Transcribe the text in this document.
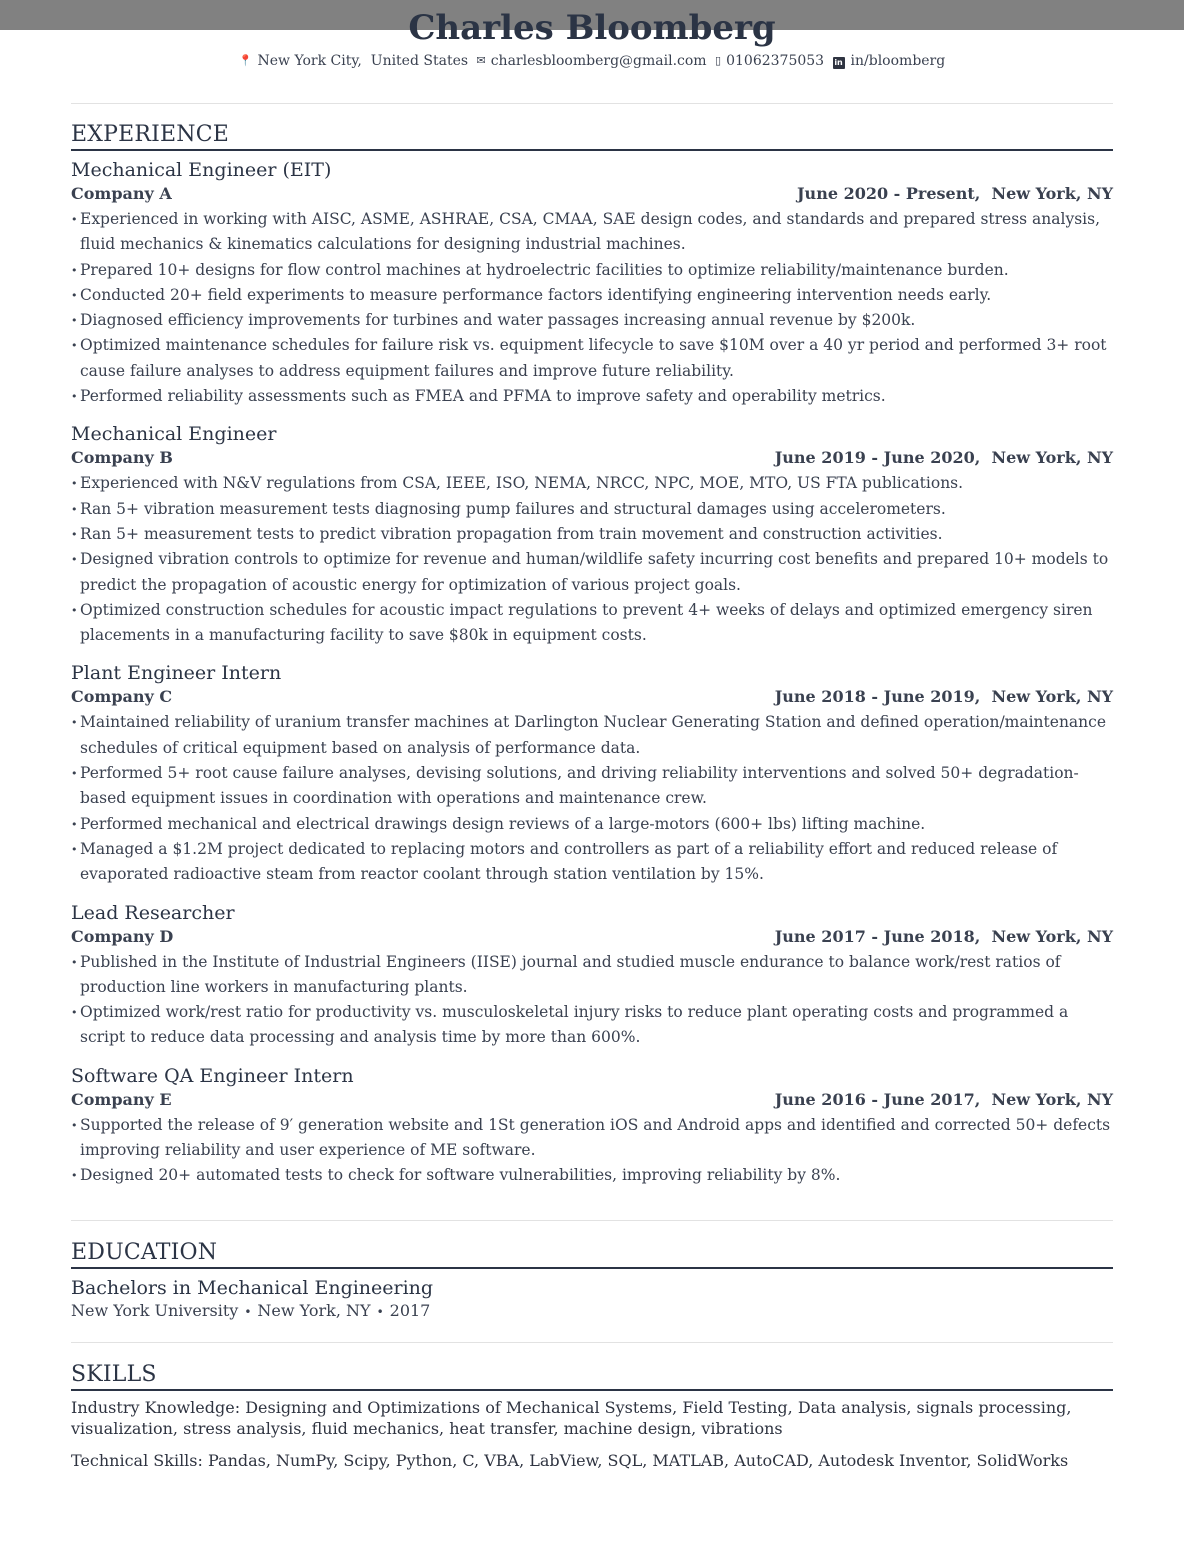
Charles Bloomberg
📍 New York City, United States ✉ charlesbloomberg@gmail.com ▯ 01062375053 in in/bloomberg
EXPERIENCE
Mechanical Engineer (EIT)
Company A	June 2020 - Present,  New York, NY
• Experienced in working with AISC, ASME, ASHRAE, CSA, CMAA, SAE design codes, and standards and prepared stress analysis, fluid mechanics & kinematics calculations for designing industrial machines.
• Prepared 10+ designs for flow control machines at hydroelectric facilities to optimize reliability/maintenance burden.
• Conducted 20+ field experiments to measure performance factors identifying engineering intervention needs early.
• Diagnosed efficiency improvements for turbines and water passages increasing annual revenue by $200k.
• Optimized maintenance schedules for failure risk vs. equipment lifecycle to save $10M over a 40 yr period and performed 3+ root cause failure analyses to address equipment failures and improve future reliability.
• Performed reliability assessments such as FMEA and PFMA to improve safety and operability metrics.
Mechanical Engineer
Company B	June 2019 - June 2020,  New York, NY
• Experienced with N&V regulations from CSA, IEEE, ISO, NEMA, NRCC, NPC, MOE, MTO, US FTA publications.
• Ran 5+ vibration measurement tests diagnosing pump failures and structural damages using accelerometers.
• Ran 5+ measurement tests to predict vibration propagation from train movement and construction activities.
• Designed vibration controls to optimize for revenue and human/wildlife safety incurring cost benefits and prepared 10+ models to predict the propagation of acoustic energy for optimization of various project goals.
• Optimized construction schedules for acoustic impact regulations to prevent 4+ weeks of delays and optimized emergency siren placements in a manufacturing facility to save $80k in equipment costs.
Plant Engineer Intern
Company C	June 2018 - June 2019,  New York, NY
• Maintained reliability of uranium transfer machines at Darlington Nuclear Generating Station and defined operation/maintenance schedules of critical equipment based on analysis of performance data.
• Performed 5+ root cause failure analyses, devising solutions, and driving reliability interventions and solved 50+ degradation-based equipment issues in coordination with operations and maintenance crew.
• Performed mechanical and electrical drawings design reviews of a large-motors (600+ lbs) lifting machine.
• Managed a $1.2M project dedicated to replacing motors and controllers as part of a reliability effort and reduced release of evaporated radioactive steam from reactor coolant through station ventilation by 15%.
Lead Researcher
Company D	June 2017 - June 2018,  New York, NY
• Published in the Institute of Industrial Engineers (IISE) journal and studied muscle endurance to balance work/rest ratios of production line workers in manufacturing plants.
• Optimized work/rest ratio for productivity vs. musculoskeletal injury risks to reduce plant operating costs and programmed a script to reduce data processing and analysis time by more than 600%.
Software QA Engineer Intern
Company E	June 2016 - June 2017,  New York, NY
• Supported the release of 9′ generation website and 1St generation iOS and Android apps and identified and corrected 50+ defects improving reliability and user experience of ME software.
• Designed 20+ automated tests to check for software vulnerabilities, improving reliability by 8%.
EDUCATION
Bachelors in Mechanical Engineering
New York University • New York, NY • 2017
SKILLS
Industry Knowledge: Designing and Optimizations of Mechanical Systems, Field Testing, Data analysis, signals processing, visualization, stress analysis, fluid mechanics, heat transfer, machine design, vibrations
Technical Skills: Pandas, NumPy, Scipy, Python, C, VBA, LabView, SQL, MATLAB, AutoCAD, Autodesk Inventor, SolidWorks
